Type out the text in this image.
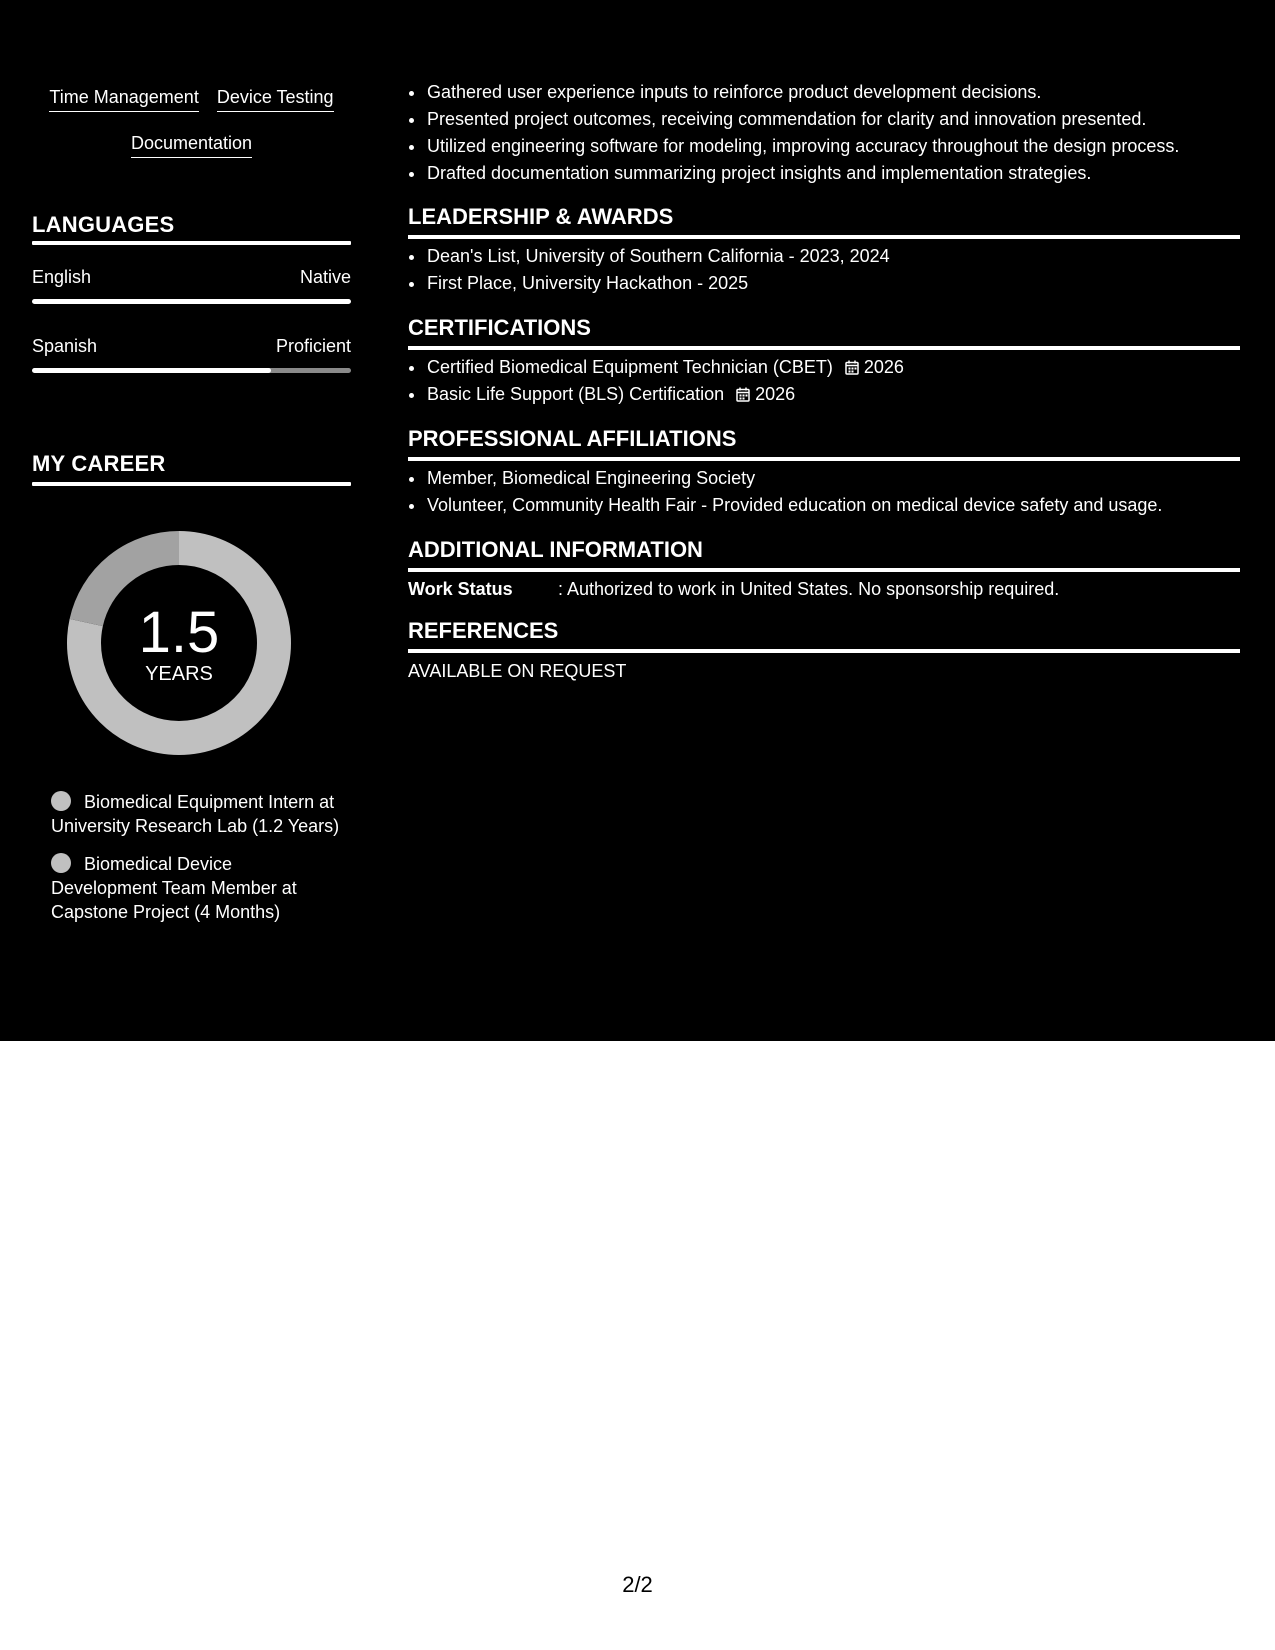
Time Management Device Testing
Documentation
LANGUAGES
English	Native
Spanish	Proficient
MY CAREER
1.5
YEARS
Biomedical Equipment Intern at University Research Lab (1.2 Years)
Biomedical Device Development Team Member at Capstone Project (4 Months)
• Gathered user experience inputs to reinforce product development decisions.
• Presented project outcomes, receiving commendation for clarity and innovation presented.
• Utilized engineering software for modeling, improving accuracy throughout the design process.
• Drafted documentation summarizing project insights and implementation strategies.
LEADERSHIP & AWARDS
• Dean's List, University of Southern California - 2023, 2024
• First Place, University Hackathon - 2025
CERTIFICATIONS
• Certified Biomedical Equipment Technician (CBET) 2026
• Basic Life Support (BLS) Certification 2026
PROFESSIONAL AFFILIATIONS
• Member, Biomedical Engineering Society
• Volunteer, Community Health Fair - Provided education on medical device safety and usage.
ADDITIONAL INFORMATION
Work Status	: Authorized to work in United States. No sponsorship required.
REFERENCES
AVAILABLE ON REQUEST
2/2
